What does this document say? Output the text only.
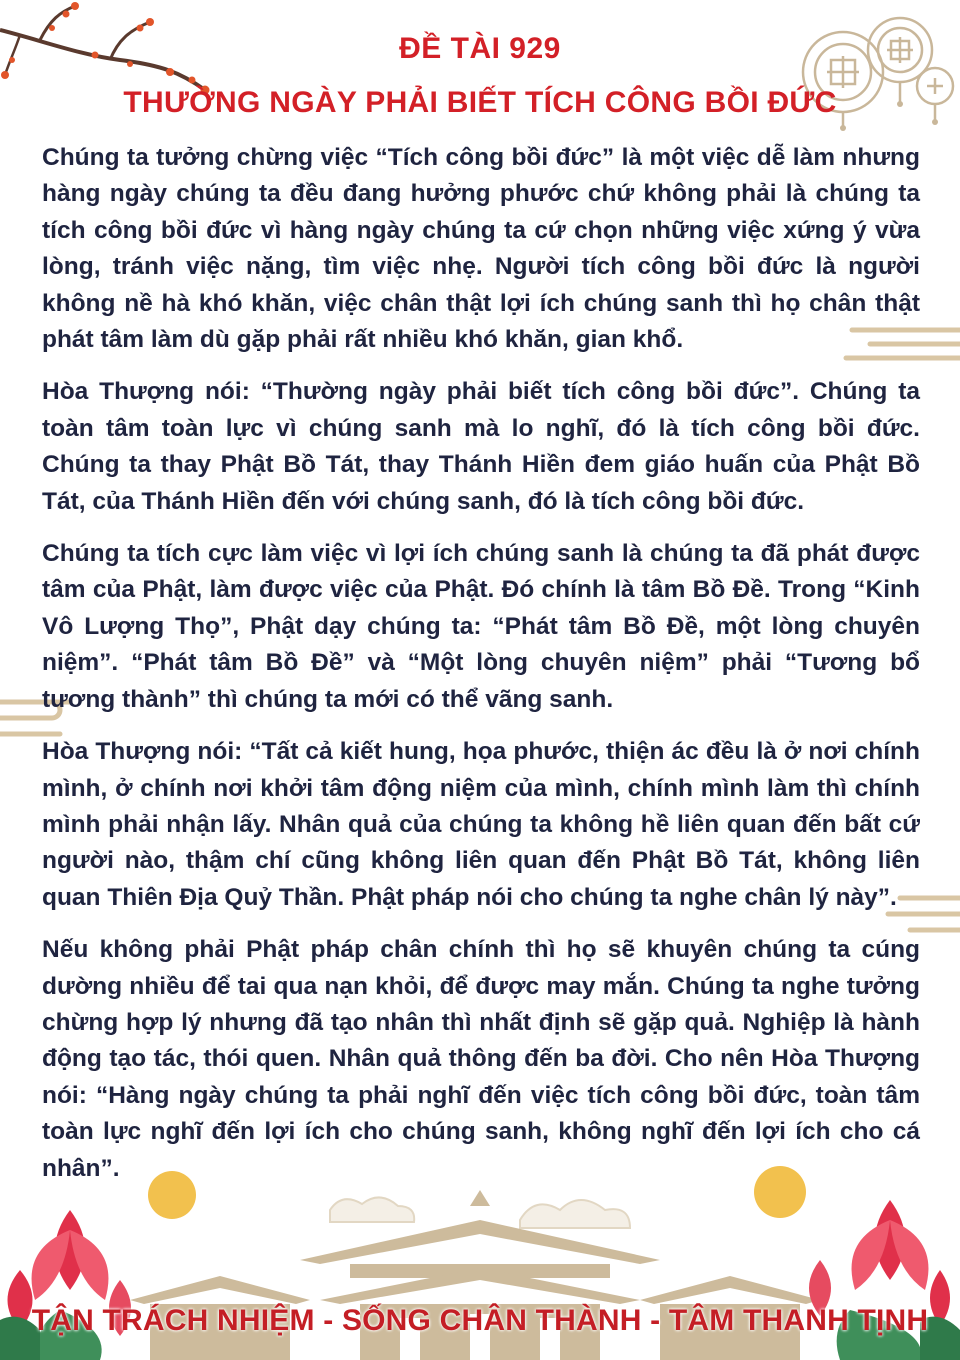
ĐỀ TÀI 929
THƯỜNG NGÀY PHẢI BIẾT TÍCH CÔNG BỒI ĐỨC

Chúng ta tưởng chừng việc “Tích công bồi đức” là một việc dễ làm nhưng hàng ngày chúng ta đều đang hưởng phước chứ không phải là chúng ta tích công bồi đức vì hàng ngày chúng ta cứ chọn những việc xứng ý vừa lòng, tránh việc nặng, tìm việc nhẹ. Người tích công bồi đức là người không nề hà khó khăn, việc chân thật lợi ích chúng sanh thì họ chân thật phát tâm làm dù gặp phải rất nhiều khó khăn, gian khổ.

Hòa Thượng nói: “Thường ngày phải biết tích công bồi đức”. Chúng ta toàn tâm toàn lực vì chúng sanh mà lo nghĩ, đó là tích công bồi đức. Chúng ta thay Phật Bồ Tát, thay Thánh Hiền đem giáo huấn của Phật Bồ Tát, của Thánh Hiền đến với chúng sanh, đó là tích công bồi đức.

Chúng ta tích cực làm việc vì lợi ích chúng sanh là chúng ta đã phát được tâm của Phật, làm được việc của Phật. Đó chính là tâm Bồ Đề. Trong “Kinh Vô Lượng Thọ”, Phật dạy chúng ta: “Phát tâm Bồ Đề, một lòng chuyên niệm”. “Phát tâm Bồ Đề” và “Một lòng chuyên niệm” phải “Tương bổ tương thành” thì chúng ta mới có thể vãng sanh.

Hòa Thượng nói: “Tất cả kiết hung, họa phước, thiện ác đều là ở nơi chính mình, ở chính nơi khởi tâm động niệm của mình, chính mình làm thì chính mình phải nhận lấy. Nhân quả của chúng ta không hề liên quan đến bất cứ người nào, thậm chí cũng không liên quan đến Phật Bồ Tát, không liên quan Thiên Địa Quỷ Thần. Phật pháp nói cho chúng ta nghe chân lý này”.

Nếu không phải Phật pháp chân chính thì họ sẽ khuyên chúng ta cúng dường nhiều để tai qua nạn khỏi, để được may mắn. Chúng ta nghe tưởng chừng hợp lý nhưng đã tạo nhân thì nhất định sẽ gặp quả. Nghiệp là hành động tạo tác, thói quen. Nhân quả thông đến ba đời. Cho nên Hòa Thượng nói: “Hàng ngày chúng ta phải nghĩ đến việc tích công bồi đức, toàn tâm toàn lực nghĩ đến lợi ích cho chúng sanh, không nghĩ đến lợi ích cho cá nhân”.

TẬN TRÁCH NHIỆM - SỐNG CHÂN THÀNH - TÂM THANH TỊNH
